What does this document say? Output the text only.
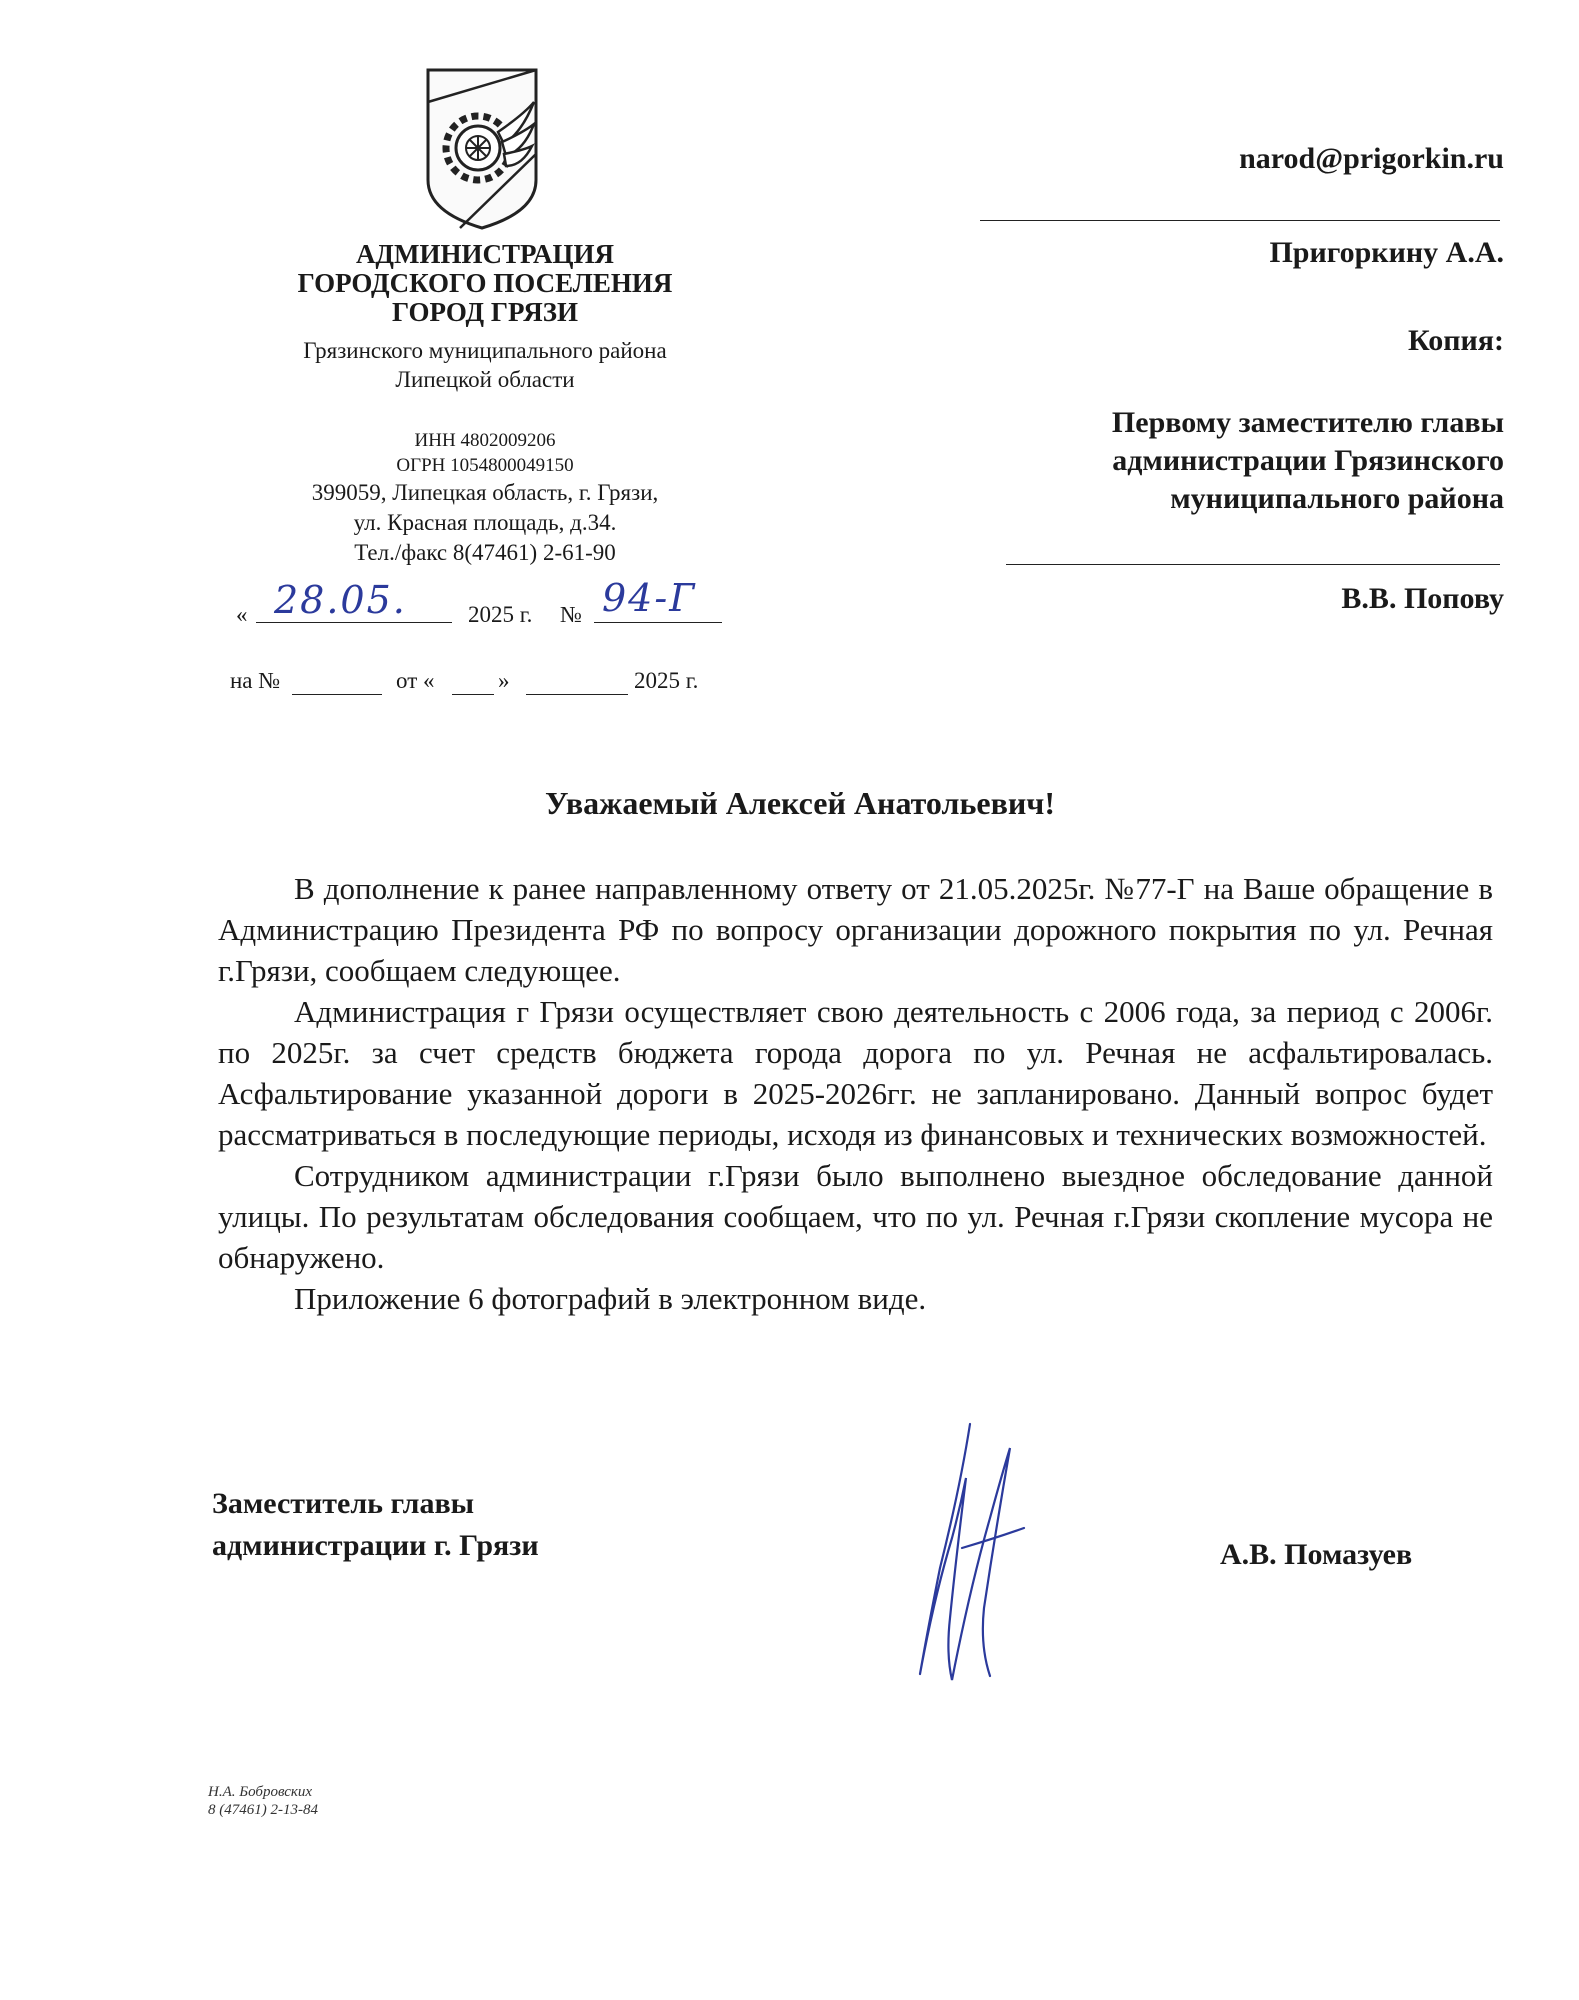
АДМИНИСТРАЦИЯ
ГОРОДСКОГО ПОСЕЛЕНИЯ
ГОРОД ГРЯЗИ
Грязинского муниципального района
Липецкой области
ИНН 4802009206
ОГРН 1054800049150
399059, Липецкая область, г. Грязи,
ул. Красная площадь, д.34.
Тел./факс 8(47461) 2-61-90
« 28.05.	2025 г. № 94-Г
на №	от «	»	2025 г.
narod@prigorkin.ru
Пригоркину А.А.
Копия:
Первому заместителю главы
администрации Грязинского
муниципального района
В.В. Попову
Уважаемый Алексей Анатольевич!

В дополнение к ранее направленному ответу от 21.05.2025г. №77-Г на Ваше обращение в Администрацию Президента РФ по вопросу организации дорожного покрытия по ул. Речная г.Грязи, сообщаем следующее.

Администрация г Грязи осуществляет свою деятельность с 2006 года, за период с 2006г. по 2025г. за счет средств бюджета города дорога по ул. Речная не асфальтировалась. Асфальтирование указанной дороги в 2025-2026гг. не запланировано. Данный вопрос будет рассматриваться в последующие периоды, исходя из финансовых и технических возможностей.

Сотрудником администрации г.Грязи было выполнено выездное обследование данной улицы. По результатам обследования сообщаем, что по ул. Речная г.Грязи скопление мусора не обнаружено.

Приложение 6 фотографий в электронном виде.

Заместитель главы
администрации г. Грязи	А.В. Помазуев
Н.А. Бобровских
8 (47461) 2-13-84
